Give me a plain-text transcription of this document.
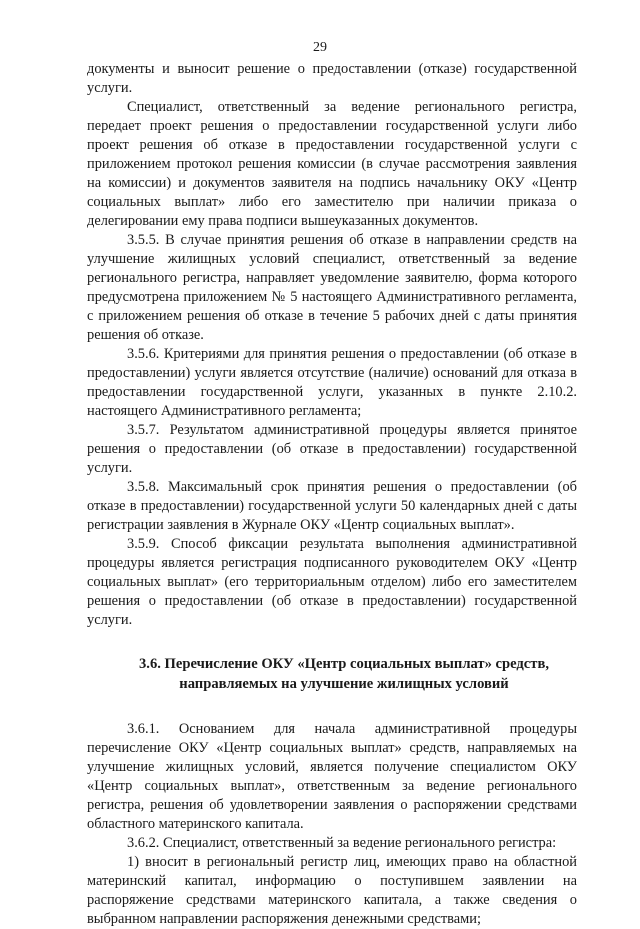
29

документы и выносит решение о предоставлении (отказе) государственной услуги.

Специалист, ответственный за ведение регионального регистра, передает проект решения о предоставлении государственной услуги либо проект решения об отказе в предоставлении государственной услуги с приложением протокол решения комиссии (в случае рассмотрения заявления на комиссии) и документов заявителя на подпись начальнику ОКУ «Центр социальных выплат» либо его заместителю при наличии приказа о делегировании ему права подписи вышеуказанных документов.

3.5.5. В случае принятия решения об отказе в направлении средств на улучшение жилищных условий специалист, ответственный за ведение регионального регистра, направляет уведомление заявителю, форма которого предусмотрена приложением № 5 настоящего Административного регламента, с приложением решения об отказе в течение 5 рабочих дней с даты принятия решения об отказе.

3.5.6. Критериями для принятия решения о предоставлении (об отказе в предоставлении) услуги является отсутствие (наличие) оснований для отказа в предоставлении государственной услуги, указанных в пункте 2.10.2. настоящего Административного регламента;

3.5.7. Результатом административной процедуры является принятое решения о предоставлении (об отказе в предоставлении) государственной услуги.

3.5.8. Максимальный срок принятия решения о предоставлении (об отказе в предоставлении) государственной услуги 50 календарных дней с даты регистрации заявления в Журнале ОКУ «Центр социальных выплат».

3.5.9. Способ фиксации результата выполнения административной процедуры является регистрация подписанного руководителем ОКУ «Центр социальных выплат» (его территориальным отделом) либо его заместителем решения о предоставлении (об отказе в предоставлении) государственной услуги.

3.6. Перечисление ОКУ «Центр социальных выплат» средств, направляемых на улучшение жилищных условий

3.6.1. Основанием для начала административной процедуры перечисление ОКУ «Центр социальных выплат» средств, направляемых на улучшение жилищных условий, является получение специалистом ОКУ «Центр социальных выплат», ответственным за ведение регионального регистра, решения об удовлетворении заявления о распоряжении средствами областного материнского капитала.

3.6.2. Специалист, ответственный за ведение регионального регистра:

1) вносит в региональный регистр лиц, имеющих право на областной материнский капитал, информацию о поступившем заявлении на распоряжение средствами материнского капитала, а также сведения о выбранном направлении распоряжения денежными средствами;
